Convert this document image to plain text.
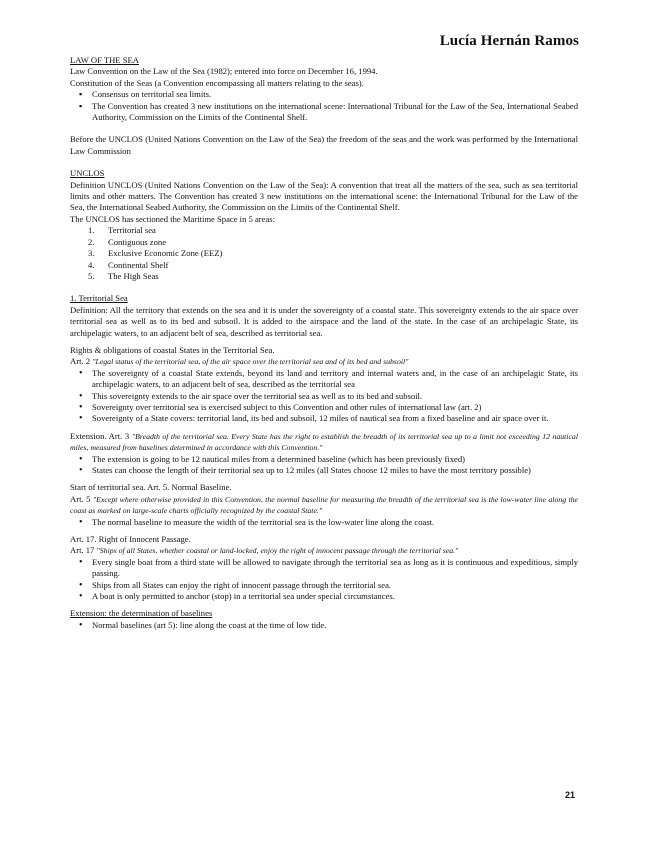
Lucía Hernán Ramos

LAW OF THE SEA

Law Convention on the Law of the Sea (1982); entered into force on December 16, 1994.

Constitution of the Seas (a Convention encompassing all matters relating to the seas).

▪ Consensus on territorial sea limits.
▪ The Convention has created 3 new institutions on the international scene: International Tribunal for the Law of the Sea, International Seabed Authority, Commission on the Limits of the Continental Shelf.

Before the UNCLOS (United Nations Convention on the Law of the Sea) the freedom of the seas and the work was performed by the International Law Commission

UNCLOS

Definition UNCLOS (United Nations Convention on the Law of the Sea): A convention that treat all the matters of the sea, such as sea territorial limits and other matters. The Convention has created 3 new institutions on the international scene: the International Tribunal for the Law of the Sea, the International Seabed Authority, the Commission on the Limits of the Continental Shelf.

The UNCLOS has sectioned the Maritime Space in 5 areas:

1. Territorial sea
2. Contiguous zone
3. Exclusive Economic Zone (EEZ)
4. Continental Shelf
5. The High Seas

1. Territorial Sea

Definition: All the territory that extends on the sea and it is under the sovereignty of a coastal state. This sovereignty extends to the air space over territorial sea as well as to its bed and subsoil. It is added to the airspace and the land of the state. In the case of an archipelagic State, its archipelagic waters, to an adjacent belt of sea, described as territorial sea.

Rights & obligations of coastal States in the Territorial Sea.

Art. 2 "Legal status of the territorial sea, of the air space over the territorial sea and of its bed and subsoil"

• The sovereignty of a coastal State extends, beyond its land and territory and internal waters and, in the case of an archipelagic State, its archipelagic waters, to an adjacent belt of sea, described as the territorial sea
• This sovereignty extends to the air space over the territorial sea as well as to its bed and subsoil.
• Sovereignty over territorial sea is exercised subject to this Convention and other rules of international law (art. 2)
• Sovereignty of a State covers: territorial land, its bed and subsoil, 12 miles of nautical sea from a fixed baseline and air space over it.

Extension. Art. 3 "Breadth of the territorial sea. Every State has the right to establish the breadth of its territorial sea up to a limit not exceeding 12 nautical miles, measured from baselines determined in accordance with this Convention."

• The extension is going to be 12 nautical miles from a determined baseline (which has been previously fixed)
• States can choose the length of their territorial sea up to 12 miles (all States choose 12 miles to have the most territory possible)

Start of territorial sea. Art. 5. Normal Baseline.

Art. 5 "Except where otherwise provided in this Convention, the normal baseline for measuring the breadth of the territorial sea is the low-water line along the coast as marked on large-scale charts officially recognized by the coastal State."

• The normal baseline to measure the width of the territorial sea is the low-water line along the coast.

Art. 17. Right of Innocent Passage.

Art. 17 "Ships of all States, whether coastal or land-locked, enjoy the right of innocent passage through the territorial sea."

• Every single boat from a third state will be allowed to navigate through the territorial sea as long as it is continuous and expeditious, simply passing.
• Ships from all States can enjoy the right of innocent passage through the territorial sea.
• A boat is only permitted to anchor (stop) in a territorial sea under special circumstances.

Extension: the determination of baselines

• Normal baselines (art 5): line along the coast at the time of low tide.
21
